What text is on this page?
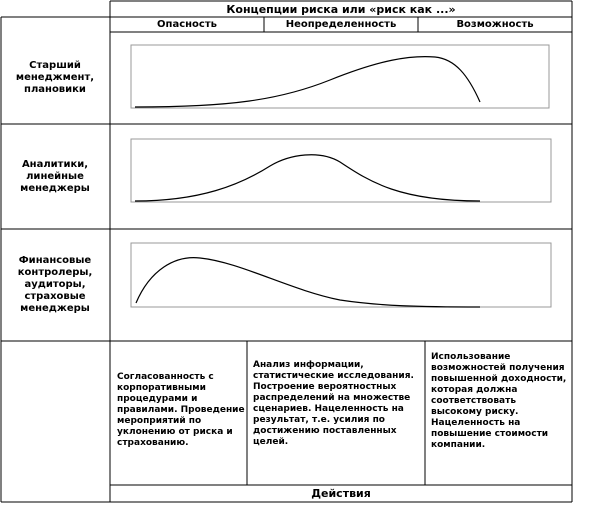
Концепции риска или «риск как ...»
Опасность	Неопределенность	Возможность
Старший менеджмент, плановики
Аналитики, линейные менеджеры
Финансовые контролеры, аудиторы, страховые менеджеры
Согласованность с корпоративными процедурами и правилами. Проведение мероприятий по уклонению от риска и страхованию.
Анализ информации, статистические исследования. Построение вероятностных распределений на множестве сценариев. Нацеленность на результат, т.е. усилия по достижению поставленных целей.
Использование возможностей получения повышенной доходности, которая должна соответствовать высокому риску. Нацеленность на повышение стоимости компании.
Действия
